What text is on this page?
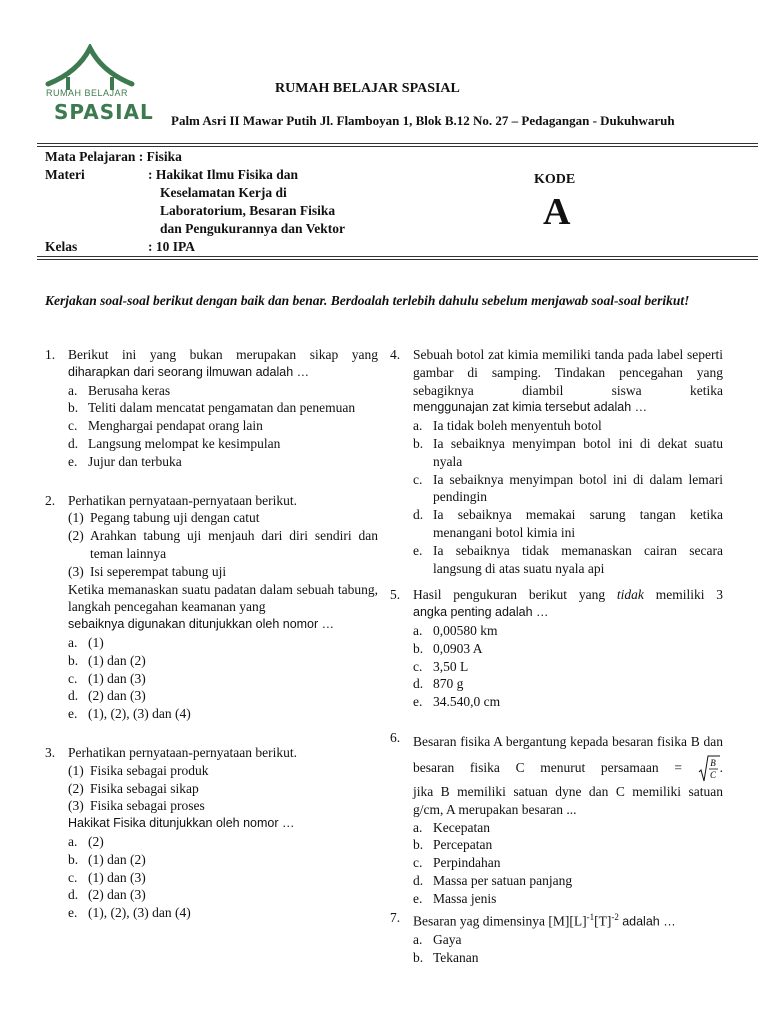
RUMAH BELAJAR
SPASIAL
RUMAH BELAJAR SPASIAL
Palm Asri II Mawar Putih Jl. Flamboyan 1, Blok B.12 No. 27 – Pedagangan - Dukuhwaruh
Mata Pelajaran : Fisika
Materi	: Hakikat Ilmu Fisika dan
Keselamatan Kerja di
Laboratorium, Besaran Fisika
dan Pengukurannya dan Vektor
Kelas	: 10 IPA
KODE
A
Kerjakan soal-soal berikut dengan baik dan benar. Berdoalah terlebih dahulu sebelum menjawab soal-soal berikut!
1. Berikut ini yang bukan merupakan sikap yang
diharapkan dari seorang ilmuwan adalah …
a. Berusaha keras
b. Teliti dalam mencatat pengamatan dan penemuan
c. Menghargai pendapat orang lain
d. Langsung melompat ke kesimpulan
e. Jujur dan terbuka
2. Perhatikan pernyataan-pernyataan berikut.
(1) Pegang tabung uji dengan catut
(2) Arahkan tabung uji menjauh dari diri sendiri dan teman lainnya
(3) Isi seperempat tabung uji
Ketika memanaskan suatu padatan dalam sebuah tabung, langkah pencegahan keamanan yang
sebaiknya digunakan ditunjukkan oleh nomor …
a. (1)
b. (1) dan (2)
c. (1) dan (3)
d. (2) dan (3)
e. (1), (2), (3) dan (4)
3. Perhatikan pernyataan-pernyataan berikut.
(1) Fisika sebagai produk
(2) Fisika sebagai sikap
(3) Fisika sebagai proses
Hakikat Fisika ditunjukkan oleh nomor …
a. (2)
b. (1) dan (2)
c. (1) dan (3)
d. (2) dan (3)
e. (1), (2), (3) dan (4)
4. Sebuah botol zat kimia memiliki tanda pada label seperti gambar di samping. Tindakan pencegahan yang sebagiknya diambil siswa ketika
menggunajan zat kimia tersebut adalah …
a. Ia tidak boleh menyentuh botol
b. Ia sebaiknya menyimpan botol ini di dekat suatu nyala
c. Ia sebaiknya menyimpan botol ini di dalam lemari pendingin
d. Ia sebaiknya memakai sarung tangan ketika menangani botol kimia ini
e. Ia sebaiknya tidak memanaskan cairan secara langsung di atas suatu nyala api
5. Hasil pengukuran berikut yang tidak memiliki 3
angka penting adalah …
a. 0,00580 km
b. 0,0903 A
c. 3,50 L
d. 870 g
e. 34.540,0 cm
6. Besaran fisika A bergantung kepada besaran fisika B dan besaran fisika C menurut persamaan =	B
C .
jika B memiliki satuan dyne dan C memiliki satuan g/cm, A merupakan besaran ...
a. Kecepatan
b. Percepatan
c. Perpindahan
d. Massa per satuan panjang
e. Massa jenis
7. Besaran yag dimensinya $[M][L]^{-1}[T]^{-2}$ adalah …
a. Gaya
b. Tekanan
